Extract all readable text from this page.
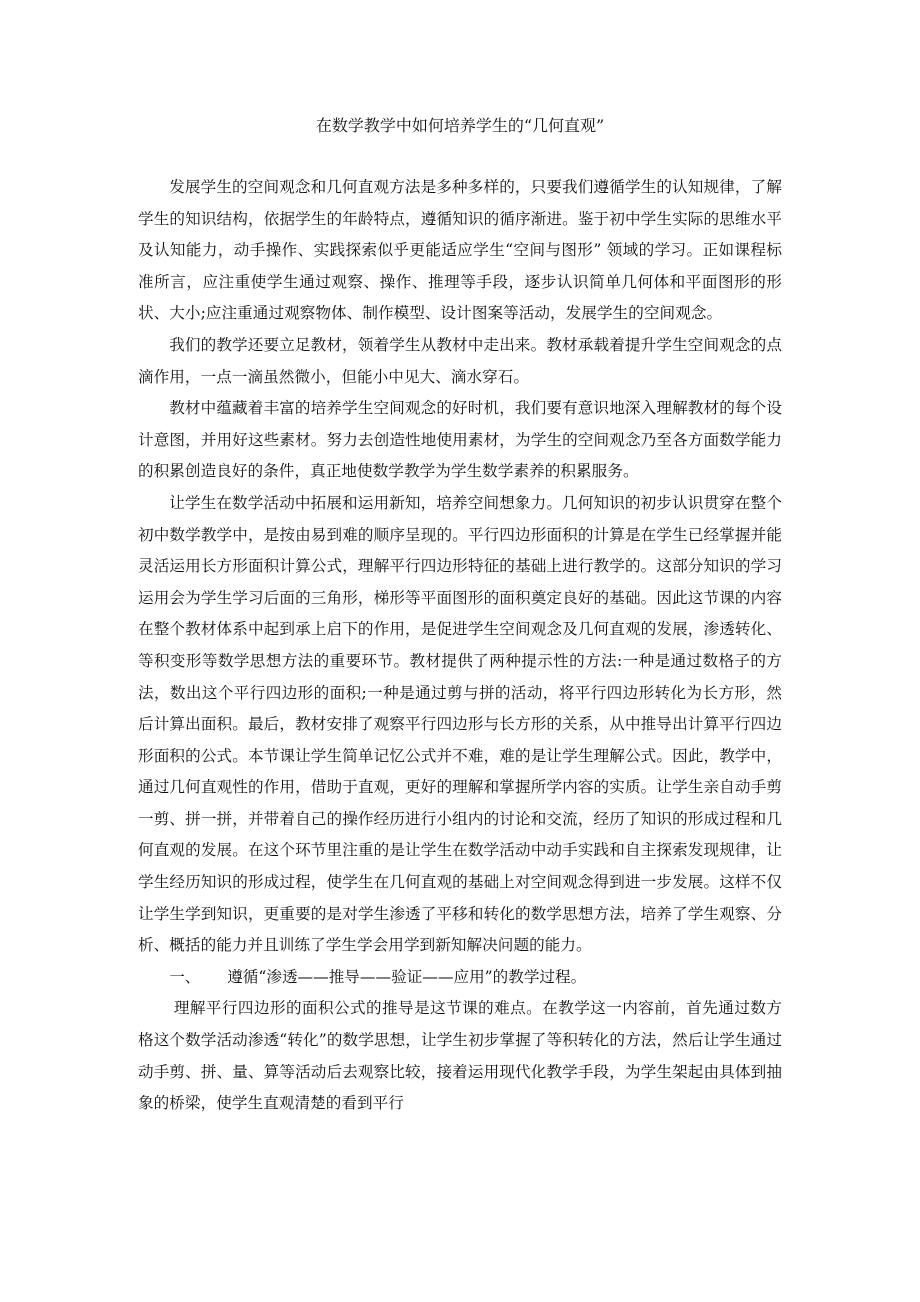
在数学教学中如何培养学生的“几何直观”

发展学生的空间观念和几何直观方法是多种多样的，只要我们遵循学生的认知规律，了解学生的知识结构，依据学生的年龄特点，遵循知识的循序渐进。鉴于初中学生实际的思维水平及认知能力，动手操作、实践探索似乎更能适应学生“空间与图形” 领域的学习。正如课程标准所言，应注重使学生通过观察、操作、推理等手段，逐步认识简单几何体和平面图形的形状、大小;应注重通过观察物体、制作模型、设计图案等活动，发展学生的空间观念。

我们的教学还要立足教材，领着学生从教材中走出来。教材承载着提升学生空间观念的点滴作用，一点一滴虽然微小，但能小中见大、滴水穿石。

教材中蕴藏着丰富的培养学生空间观念的好时机，我们要有意识地深入理解教材的每个设计意图，并用好这些素材。努力去创造性地使用素材，为学生的空间观念乃至各方面数学能力的积累创造良好的条件，真正地使数学教学为学生数学素养的积累服务。

让学生在数学活动中拓展和运用新知，培养空间想象力。几何知识的初步认识贯穿在整个初中数学教学中，是按由易到难的顺序呈现的。平行四边形面积的计算是在学生已经掌握并能灵活运用长方形面积计算公式，理解平行四边形特征的基础上进行教学的。这部分知识的学习运用会为学生学习后面的三角形，梯形等平面图形的面积奠定良好的基础。因此这节课的内容在整个教材体系中起到承上启下的作用，是促进学生空间观念及几何直观的发展，渗透转化、等积变形等数学思想方法的重要环节。教材提供了两种提示性的方法:一种是通过数格子的方法，数出这个平行四边形的面积;一种是通过剪与拼的活动，将平行四边形转化为长方形，然后计算出面积。最后，教材安排了观察平行四边形与长方形的关系，从中推导出计算平行四边形面积的公式。本节课让学生简单记忆公式并不难，难的是让学生理解公式。因此，教学中，通过几何直观性的作用，借助于直观，更好的理解和掌握所学内容的实质。让学生亲自动手剪一剪、拼一拼，并带着自己的操作经历进行小组内的讨论和交流，经历了知识的形成过程和几何直观的发展。在这个环节里注重的是让学生在数学活动中动手实践和自主探索发现规律，让学生经历知识的形成过程，使学生在几何直观的基础上对空间观念得到进一步发展。这样不仅让学生学到知识，更重要的是对学生渗透了平移和转化的数学思想方法，培养了学生观察、分析、概括的能力并且训练了学生学会用学到新知解决问题的能力。

一、 遵循“渗透——推导——验证——应用”的教学过程。

理解平行四边形的面积公式的推导是这节课的难点。在教学这一内容前，首先通过数方格这个数学活动渗透“转化”的数学思想，让学生初步掌握了等积转化的方法，然后让学生通过动手剪、拼、量、算等活动后去观察比较，接着运用现代化教学手段，为学生架起由具体到抽象的桥梁，使学生直观清楚的看到平行
